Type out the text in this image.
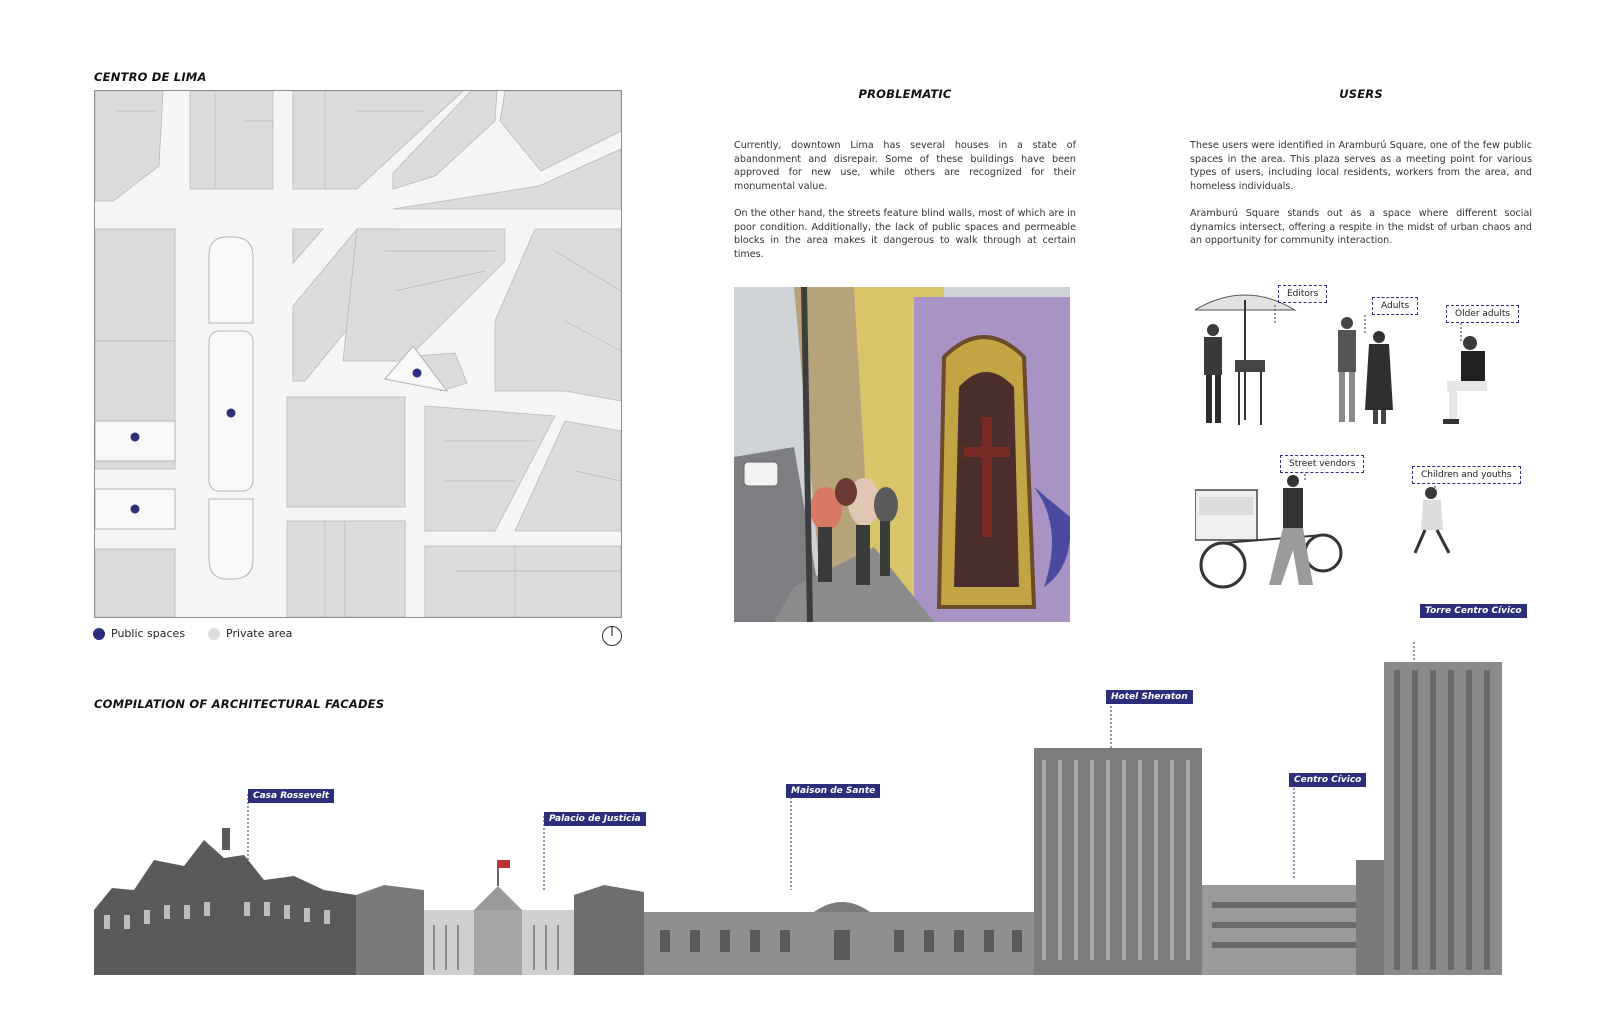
CENTRO DE LIMA
Public spaces	Private area
PROBLEMATIC

Currently, downtown Lima has several houses in a state of abandonment and disrepair. Some of these buildings have been approved for new use, while others are recognized for their monumental value.

On the other hand, the streets feature blind walls, most of which are in poor condition. Additionally, the lack of public spaces and permeable blocks in the area makes it dangerous to walk through at certain times.

USERS

These users were identified in Aramburú Square, one of the few public spaces in the area. This plaza serves as a meeting point for various types of users, including local residents, workers from the area, and homeless individuals.

Aramburú Square stands out as a space where different social dynamics intersect, offering a respite in the midst of urban chaos and an opportunity for community interaction.

Editors
Adults
Older adults
Street vendors
Children and youths
COMPILATION OF ARCHITECTURAL FACADES
Casa Rossevelt
Palacio de Justicia
Maison de Sante
Hotel Sheraton
Centro Cívico
Torre Centro Cívico
